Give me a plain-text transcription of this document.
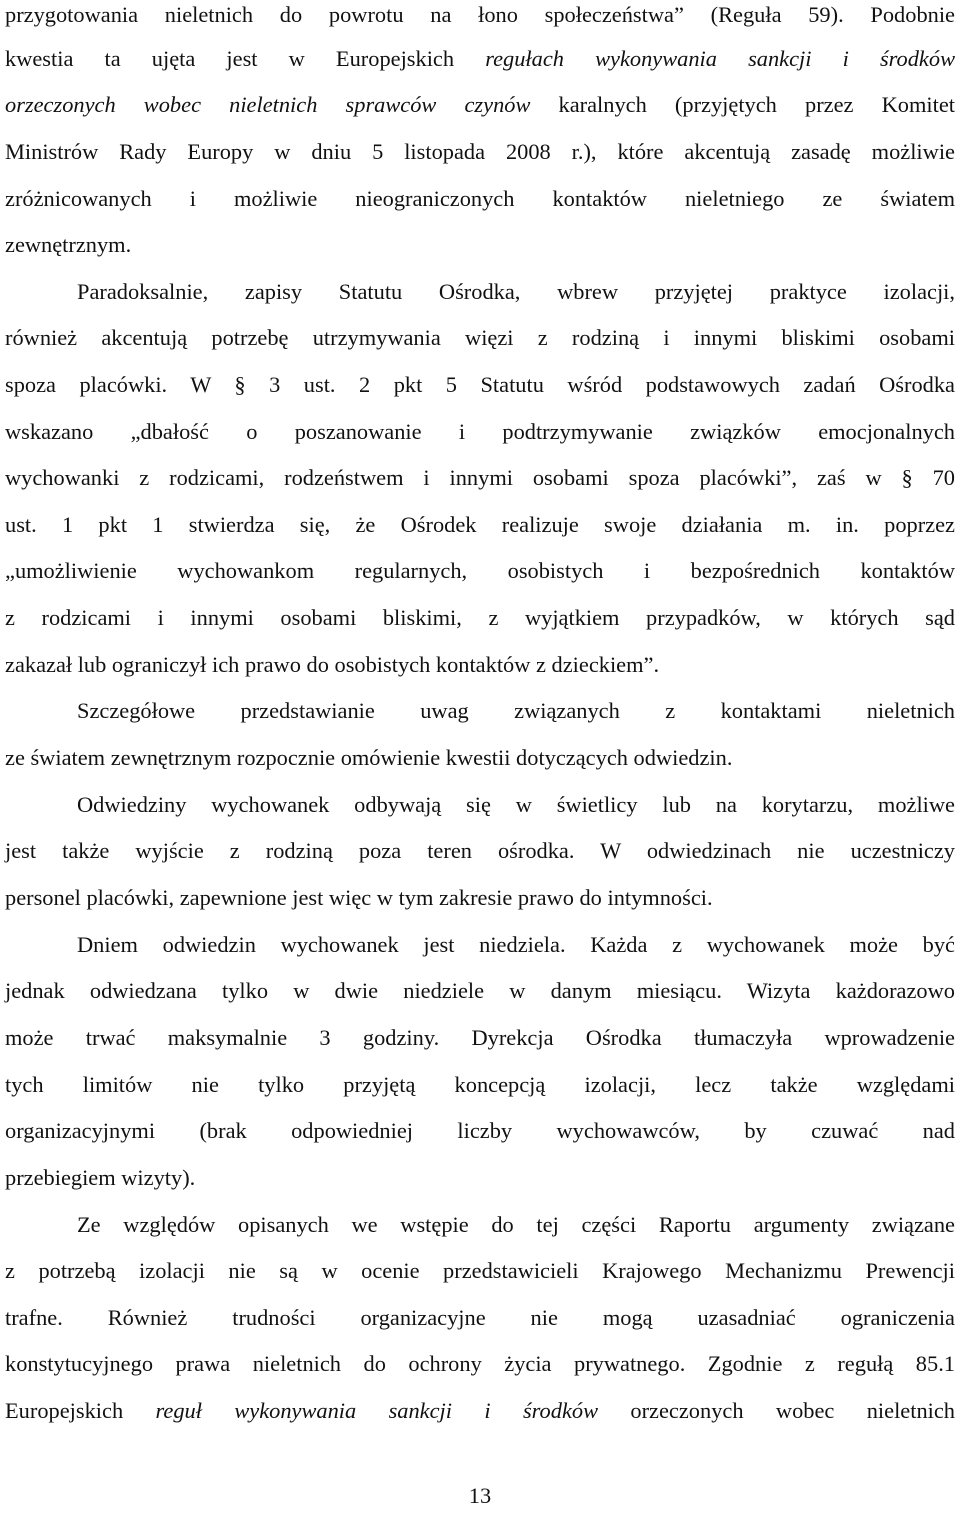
przygotowania nieletnich do powrotu na łono społeczeństwa” (Reguła 59). Podobnie
kwestia ta ujęta jest w Europejskich regułach wykonywania sankcji i środków
orzeczonych wobec nieletnich sprawców czynów karalnych (przyjętych przez Komitet
Ministrów Rady Europy w dniu 5 listopada 2008 r.), które akcentują zasadę możliwie
zróżnicowanych i możliwie nieograniczonych kontaktów nieletniego ze światem
zewnętrznym.
Paradoksalnie, zapisy Statutu Ośrodka, wbrew przyjętej praktyce izolacji,
również akcentują potrzebę utrzymywania więzi z rodziną i innymi bliskimi osobami
spoza placówki. W § 3 ust. 2 pkt 5 Statutu wśród podstawowych zadań Ośrodka
wskazano „dbałość o poszanowanie i podtrzymywanie związków emocjonalnych
wychowanki z rodzicami, rodzeństwem i innymi osobami spoza placówki”, zaś w § 70
ust. 1 pkt 1 stwierdza się, że Ośrodek realizuje swoje działania m. in. poprzez
„umożliwienie wychowankom regularnych, osobistych i bezpośrednich kontaktów
z rodzicami i innymi osobami bliskimi, z wyjątkiem przypadków, w których sąd
zakazał lub ograniczył ich prawo do osobistych kontaktów z dzieckiem”.
Szczegółowe przedstawianie uwag związanych z kontaktami nieletnich
ze światem zewnętrznym rozpocznie omówienie kwestii dotyczących odwiedzin.
Odwiedziny wychowanek odbywają się w świetlicy lub na korytarzu, możliwe
jest także wyjście z rodziną poza teren ośrodka. W odwiedzinach nie uczestniczy
personel placówki, zapewnione jest więc w tym zakresie prawo do intymności.
Dniem odwiedzin wychowanek jest niedziela. Każda z wychowanek może być
jednak odwiedzana tylko w dwie niedziele w danym miesiącu. Wizyta każdorazowo
może trwać maksymalnie 3 godziny. Dyrekcja Ośrodka tłumaczyła wprowadzenie
tych limitów nie tylko przyjętą koncepcją izolacji, lecz także względami
organizacyjnymi (brak odpowiedniej liczby wychowawców, by czuwać nad
przebiegiem wizyty).
Ze względów opisanych we wstępie do tej części Raportu argumenty związane
z potrzebą izolacji nie są w ocenie przedstawicieli Krajowego Mechanizmu Prewencji
trafne. Również trudności organizacyjne nie mogą uzasadniać ograniczenia
konstytucyjnego prawa nieletnich do ochrony życia prywatnego. Zgodnie z regułą 85.1
Europejskich reguł wykonywania sankcji i środków orzeczonych wobec nieletnich
13
